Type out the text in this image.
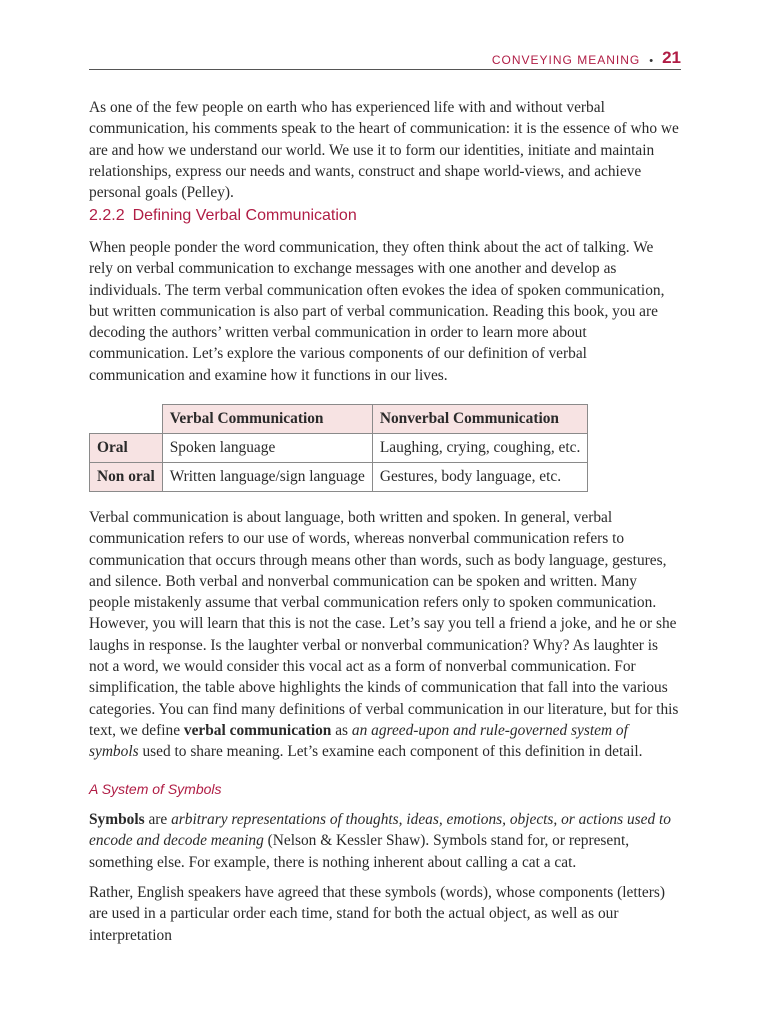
CONVEYING MEANING • 21

As one of the few people on earth who has experienced life with and without verbal communication, his comments speak to the heart of communication: it is the essence of who we are and how we understand our world. We use it to form our identities, initiate and maintain relationships, express our needs and wants, construct and shape world-views, and achieve personal goals (Pelley).

2.2.2 Defining Verbal Communication

When people ponder the word communication, they often think about the act of talking. We rely on verbal communication to exchange messages with one another and develop as individuals. The term verbal communication often evokes the idea of spoken communication, but written communication is also part of verbal communication. Reading this book, you are decoding the authors’ written verbal communication in order to learn more about communication. Let’s explore the various components of our definition of verbal communication and examine how it functions in our lives.

	Verbal Communication	Nonverbal Communication
Oral	Spoken language	Laughing, crying, coughing, etc.
Non oral	Written language/sign language	Gestures, body language, etc.

Verbal communication is about language, both written and spoken. In general, verbal communication refers to our use of words, whereas nonverbal communication refers to communication that occurs through means other than words, such as body language, gestures, and silence. Both verbal and nonverbal communication can be spoken and written. Many people mistakenly assume that verbal communication refers only to spoken communication. However, you will learn that this is not the case. Let’s say you tell a friend a joke, and he or she laughs in response. Is the laughter verbal or nonverbal communication? Why? As laughter is not a word, we would consider this vocal act as a form of nonverbal communication. For simplification, the table above highlights the kinds of communication that fall into the various categories. You can find many definitions of verbal communication in our literature, but for this text, we define verbal communication as an agreed-upon and rule-governed system of symbols used to share meaning. Let’s examine each component of this definition in detail.

A System of Symbols

Symbols are arbitrary representations of thoughts, ideas, emotions, objects, or actions used to encode and decode meaning (Nelson & Kessler Shaw). Symbols stand for, or represent, something else. For example, there is nothing inherent about calling a cat a cat.

Rather, English speakers have agreed that these symbols (words), whose components (letters) are used in a particular order each time, stand for both the actual object, as well as our interpretation
